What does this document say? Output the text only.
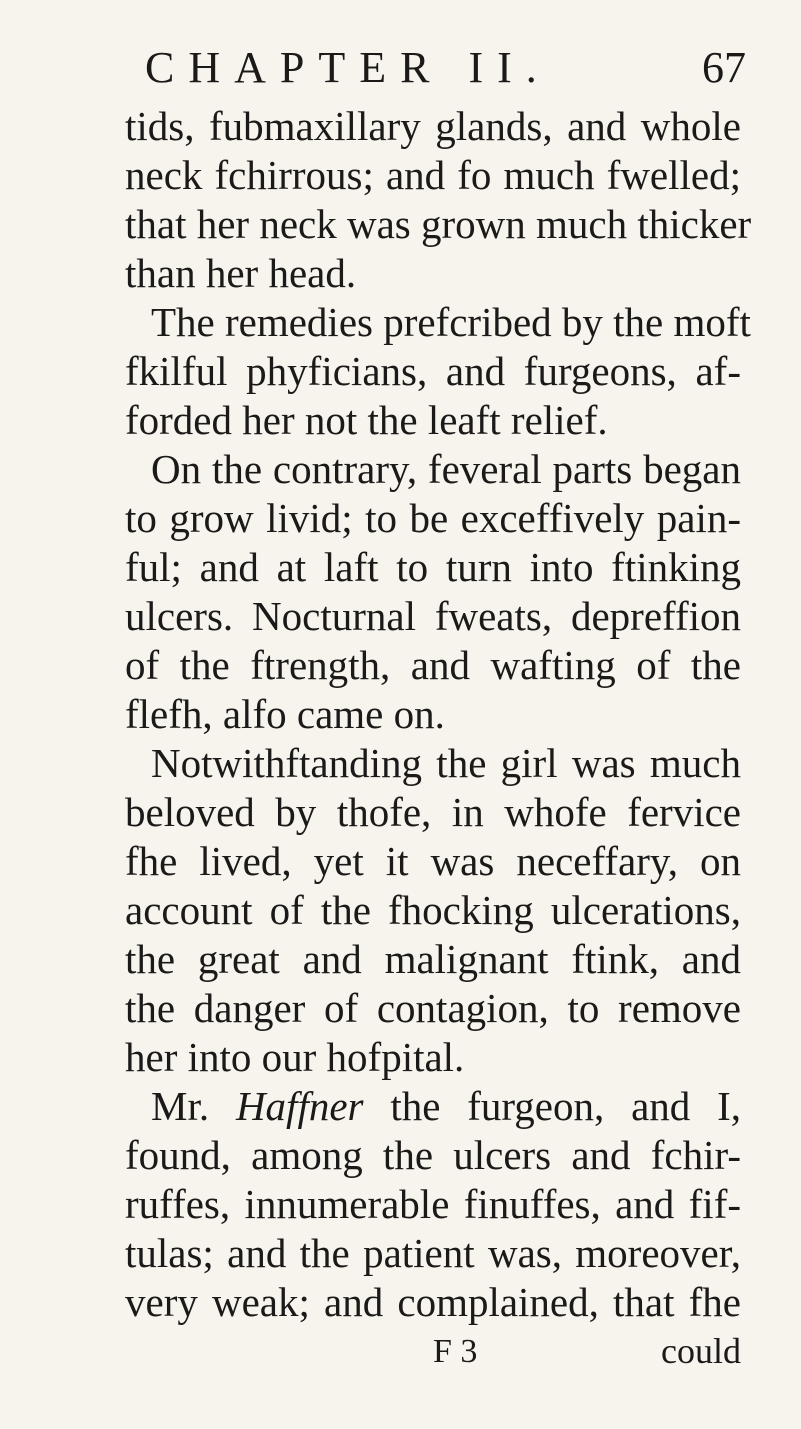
CHAPTER II.	67
tids, fubmaxillary glands, and whole
neck fchirrous; and fo much fwelled;
that her neck was grown much thicker
than her head.
The remedies prefcribed by the moft
fkilful phyficians, and furgeons, af-
forded her not the leaft relief.
On the contrary, feveral parts began
to grow livid; to be exceffively pain-
ful; and at laft to turn into ftinking
ulcers. Nocturnal fweats, depreffion
of the ftrength, and wafting of the
flefh, alfo came on.
Notwithftanding the girl was much
beloved by thofe, in whofe fervice
fhe lived, yet it was neceffary, on
account of the fhocking ulcerations,
the great and malignant ftink, and
the danger of contagion, to remove
her into our hofpital.
Mr. Haffner the furgeon, and I,
found, among the ulcers and fchir-
ruffes, innumerable finuffes, and fif-
tulas; and the patient was, moreover,
very weak; and complained, that fhe
F 3	could
